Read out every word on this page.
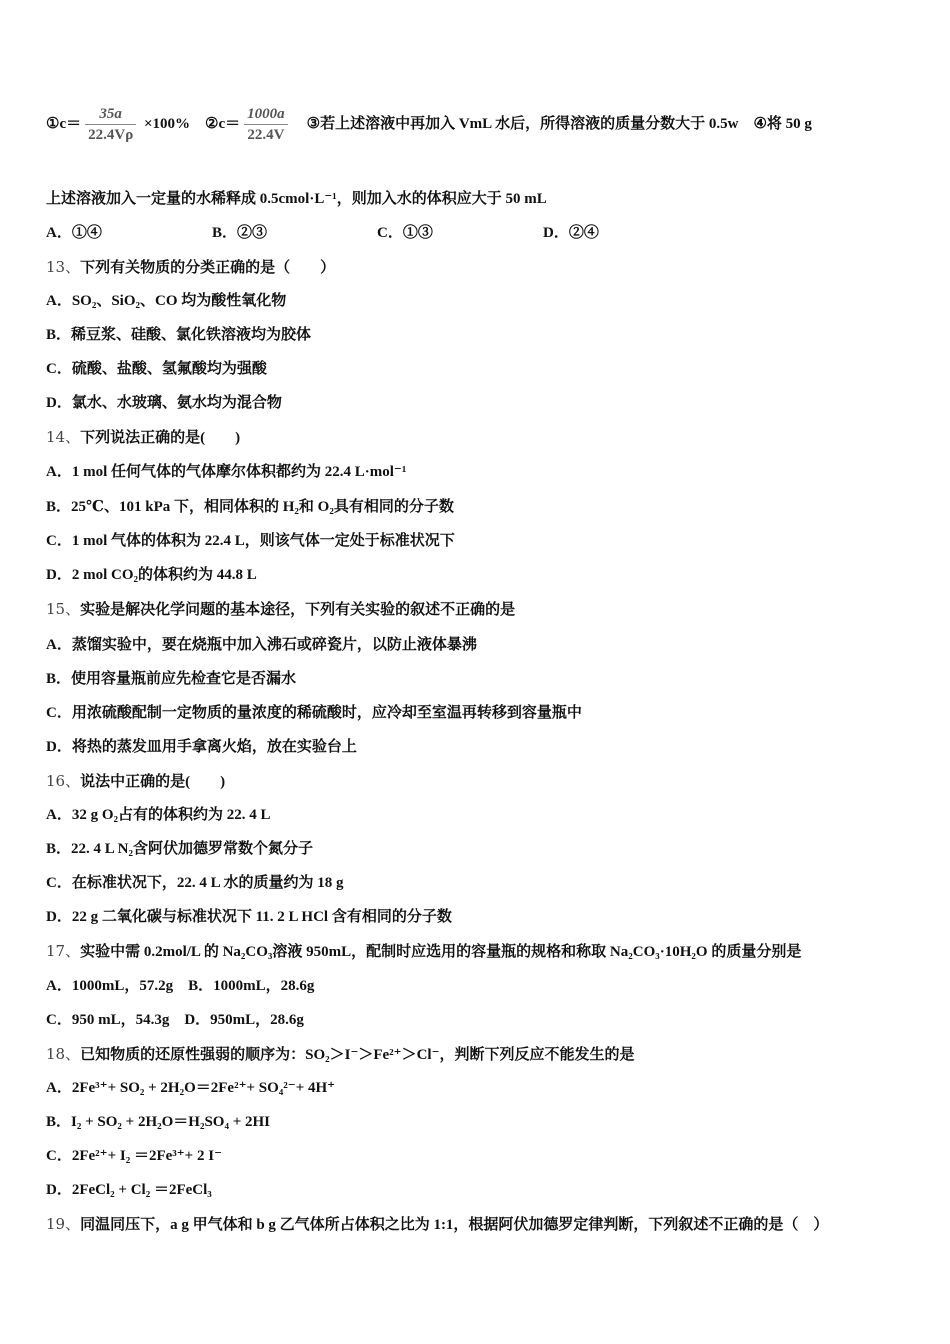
①c＝ $\frac{35a}{22.4V\rho} \times 100\%$ ②c＝ $\frac{1000a}{22.4V}$ ③若上述溶液中再加入 VmL 水后，所得溶液的质量分数大于 0.5w ④将 50 g
上述溶液加入一定量的水稀释成 0.5cmol·L⁻¹，则加入水的体积应大于 50 mL
A．①④	B．②③	C．①③	D．②④
13、下列有关物质的分类正确的是（　　）
A．SO₂、SiO₂、CO 均为酸性氧化物
B．稀豆浆、硅酸、氯化铁溶液均为胶体
C．硫酸、盐酸、氢氟酸均为强酸
D．氯水、水玻璃、氨水均为混合物
14、下列说法正确的是(　　)
A．1 mol 任何气体的气体摩尔体积都约为 22.4 L·mol⁻¹
B．25℃、101 kPa 下，相同体积的 H₂和 O₂具有相同的分子数
C．1 mol 气体的体积为 22.4 L，则该气体一定处于标准状况下
D．2 mol CO₂的体积约为 44.8 L
15、实验是解决化学问题的基本途径，下列有关实验的叙述不正确的是
A．蒸馏实验中，要在烧瓶中加入沸石或碎瓷片，以防止液体暴沸
B．使用容量瓶前应先检查它是否漏水
C．用浓硫酸配制一定物质的量浓度的稀硫酸时，应冷却至室温再转移到容量瓶中
D．将热的蒸发皿用手拿离火焰，放在实验台上
16、说法中正确的是(　　)
A．32 g O₂占有的体积约为 22. 4 L
B．22. 4 L N₂含阿伏加德罗常数个氮分子
C．在标准状况下，22. 4 L 水的质量约为 18 g
D．22 g 二氧化碳与标准状况下 11. 2 L HCl 含有相同的分子数
17、实验中需 0.2mol/L 的 Na₂CO₃溶液 950mL，配制时应选用的容量瓶的规格和称取 Na₂CO₃·10H₂O 的质量分别是
A．1000mL，57.2g　B．1000mL，28.6g
C．950 mL，54.3g　D．950mL，28.6g
18、已知物质的还原性强弱的顺序为：SO₂＞I⁻＞Fe²⁺＞Cl⁻，判断下列反应不能发生的是
A．2Fe³⁺+ SO₂ + 2H₂O＝2Fe²⁺+ SO₄²⁻+ 4H⁺
B．I₂ + SO₂ + 2H₂O＝H₂SO₄ + 2HI
C．2Fe²⁺+ I₂ ＝2Fe³⁺+ 2 I⁻
D．2FeCl₂ + Cl₂ ＝2FeCl₃
19、同温同压下，a g 甲气体和 b g 乙气体所占体积之比为 1:1，根据阿伏加德罗定律判断，下列叙述不正确的是（　）
